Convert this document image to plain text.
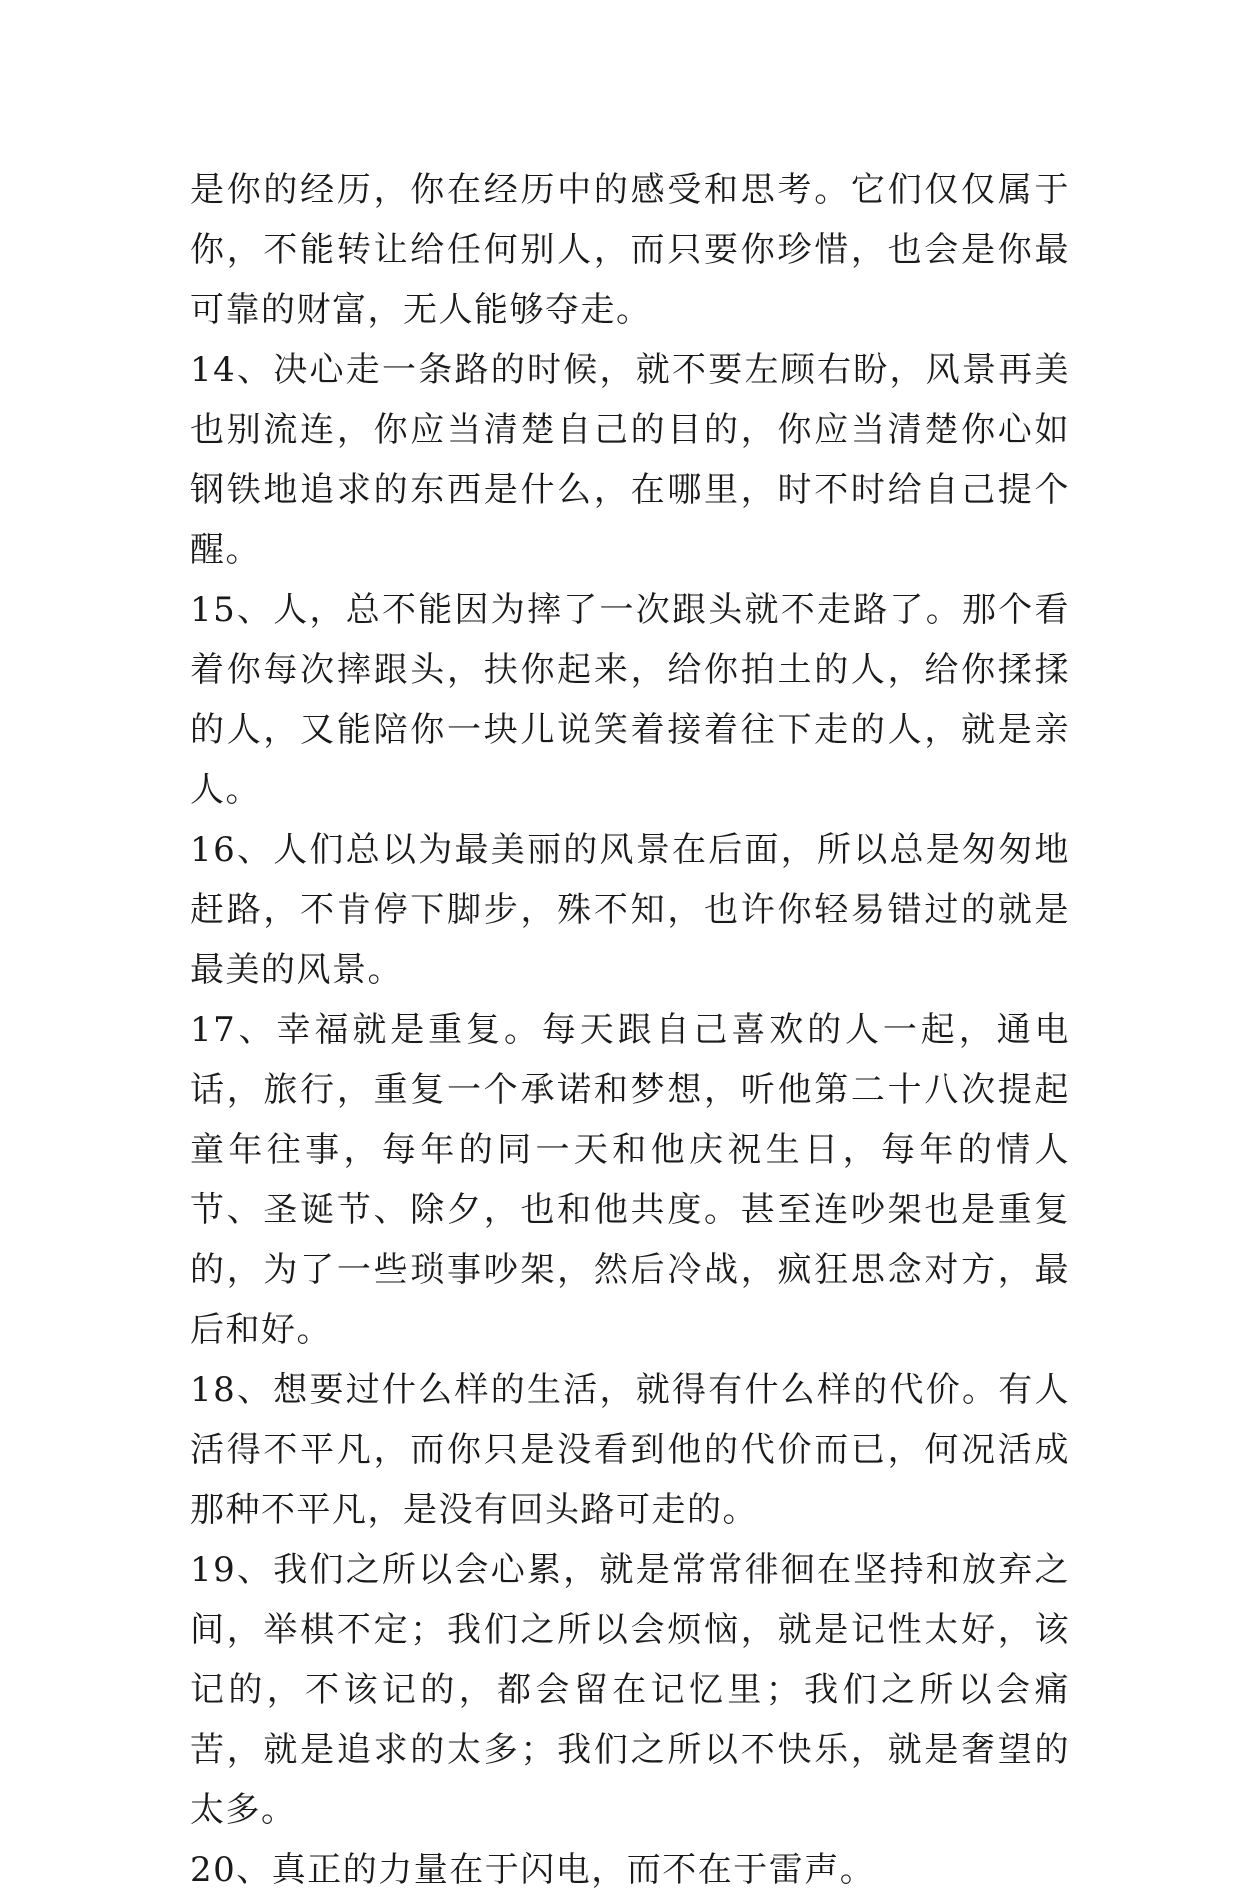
是你的经历，你在经历中的感受和思考。它们仅仅属于你，不能转让给任何别人，而只要你珍惜，也会是你最可靠的财富，无人能够夺走。

14、决心走一条路的时候，就不要左顾右盼，风景再美也别流连，你应当清楚自己的目的，你应当清楚你心如钢铁地追求的东西是什么，在哪里，时不时给自己提个醒。

15、人，总不能因为摔了一次跟头就不走路了。那个看着你每次摔跟头，扶你起来，给你拍土的人，给你揉揉的人，又能陪你一块儿说笑着接着往下走的人，就是亲人。

16、人们总以为最美丽的风景在后面，所以总是匆匆地赶路，不肯停下脚步，殊不知，也许你轻易错过的就是最美的风景。

17、幸福就是重复。每天跟自己喜欢的人一起，通电话，旅行，重复一个承诺和梦想，听他第二十八次提起童年往事，每年的同一天和他庆祝生日，每年的情人节、圣诞节、除夕，也和他共度。甚至连吵架也是重复的，为了一些琐事吵架，然后冷战，疯狂思念对方，最后和好。

18、想要过什么样的生活，就得有什么样的代价。有人活得不平凡，而你只是没看到他的代价而已，何况活成那种不平凡，是没有回头路可走的。

19、我们之所以会心累，就是常常徘徊在坚持和放弃之间，举棋不定；我们之所以会烦恼，就是记性太好，该记的，不该记的，都会留在记忆里；我们之所以会痛苦，就是追求的太多；我们之所以不快乐，就是奢望的太多。

20、真正的力量在于闪电，而不在于雷声。
